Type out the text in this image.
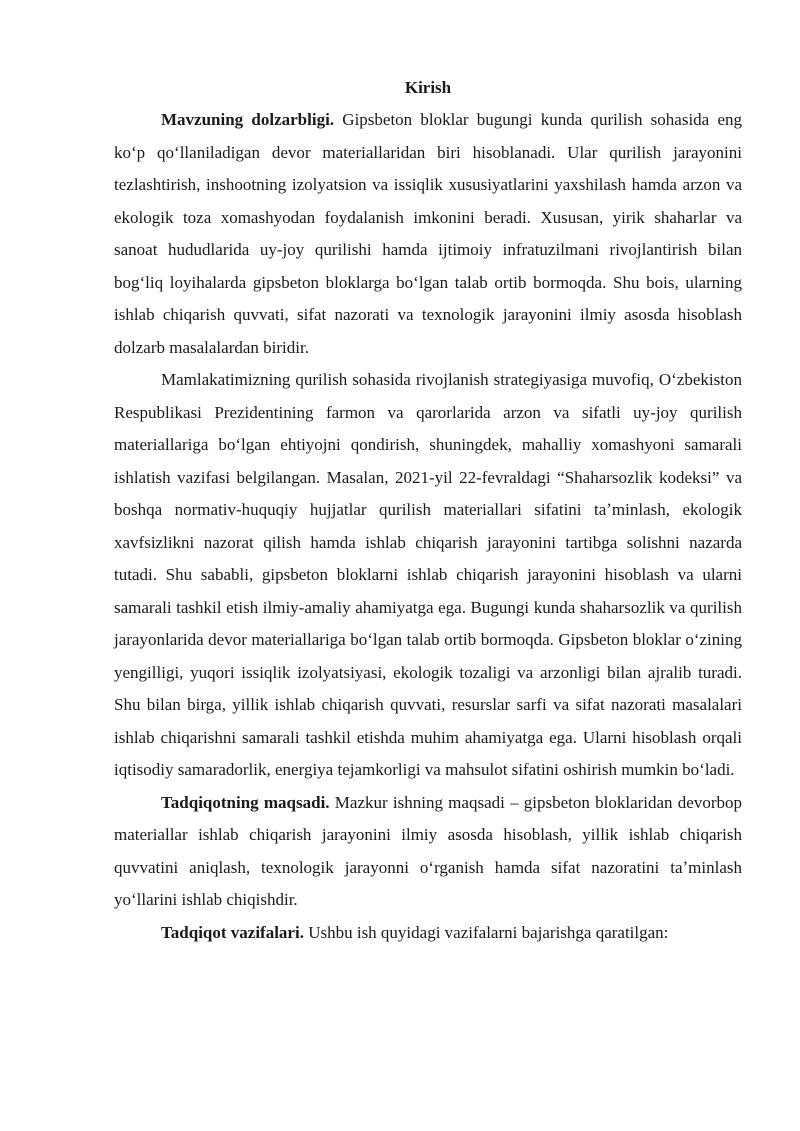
Kirish

Mavzuning dolzarbligi. Gipsbeton bloklar bugungi kunda qurilish sohasida eng koʻp qoʻllaniladigan devor materiallaridan biri hisoblanadi. Ular qurilish jarayonini tezlashtirish, inshootning izolyatsion va issiqlik xususiyatlarini yaxshilash hamda arzon va ekologik toza xomashyodan foydalanish imkonini beradi. Xususan, yirik shaharlar va sanoat hududlarida uy-joy qurilishi hamda ijtimoiy infratuzilmani rivojlantirish bilan bogʻliq loyihalarda gipsbeton bloklarga boʻlgan talab ortib bormoqda. Shu bois, ularning ishlab chiqarish quvvati, sifat nazorati va texnologik jarayonini ilmiy asosda hisoblash dolzarb masalalardan biridir.

Mamlakatimizning qurilish sohasida rivojlanish strategiyasiga muvofiq, Oʻzbekiston Respublikasi Prezidentining farmon va qarorlarida arzon va sifatli uy-joy qurilish materiallariga boʻlgan ehtiyojni qondirish, shuningdek, mahalliy xomashyoni samarali ishlatish vazifasi belgilangan. Masalan, 2021-yil 22-fevraldagi “Shaharsozlik kodeksi” va boshqa normativ-huquqiy hujjatlar qurilish materiallari sifatini taʼminlash, ekologik xavfsizlikni nazorat qilish hamda ishlab chiqarish jarayonini tartibga solishni nazarda tutadi. Shu sababli, gipsbeton bloklarni ishlab chiqarish jarayonini hisoblash va ularni samarali tashkil etish ilmiy-amaliy ahamiyatga ega. Bugungi kunda shaharsozlik va qurilish jarayonlarida devor materiallariga boʻlgan talab ortib bormoqda. Gipsbeton bloklar oʻzining yengilligi, yuqori issiqlik izolyatsiyasi, ekologik tozaligi va arzonligi bilan ajralib turadi. Shu bilan birga, yillik ishlab chiqarish quvvati, resurslar sarfi va sifat nazorati masalalari ishlab chiqarishni samarali tashkil etishda muhim ahamiyatga ega. Ularni hisoblash orqali iqtisodiy samaradorlik, energiya tejamkorligi va mahsulot sifatini oshirish mumkin boʻladi.

Tadqiqotning maqsadi. Mazkur ishning maqsadi – gipsbeton bloklaridan devorbop materiallar ishlab chiqarish jarayonini ilmiy asosda hisoblash, yillik ishlab chiqarish quvvatini aniqlash, texnologik jarayonni oʻrganish hamda sifat nazoratini taʼminlash yoʻllarini ishlab chiqishdir.

Tadqiqot vazifalari. Ushbu ish quyidagi vazifalarni bajarishga qaratilgan:
